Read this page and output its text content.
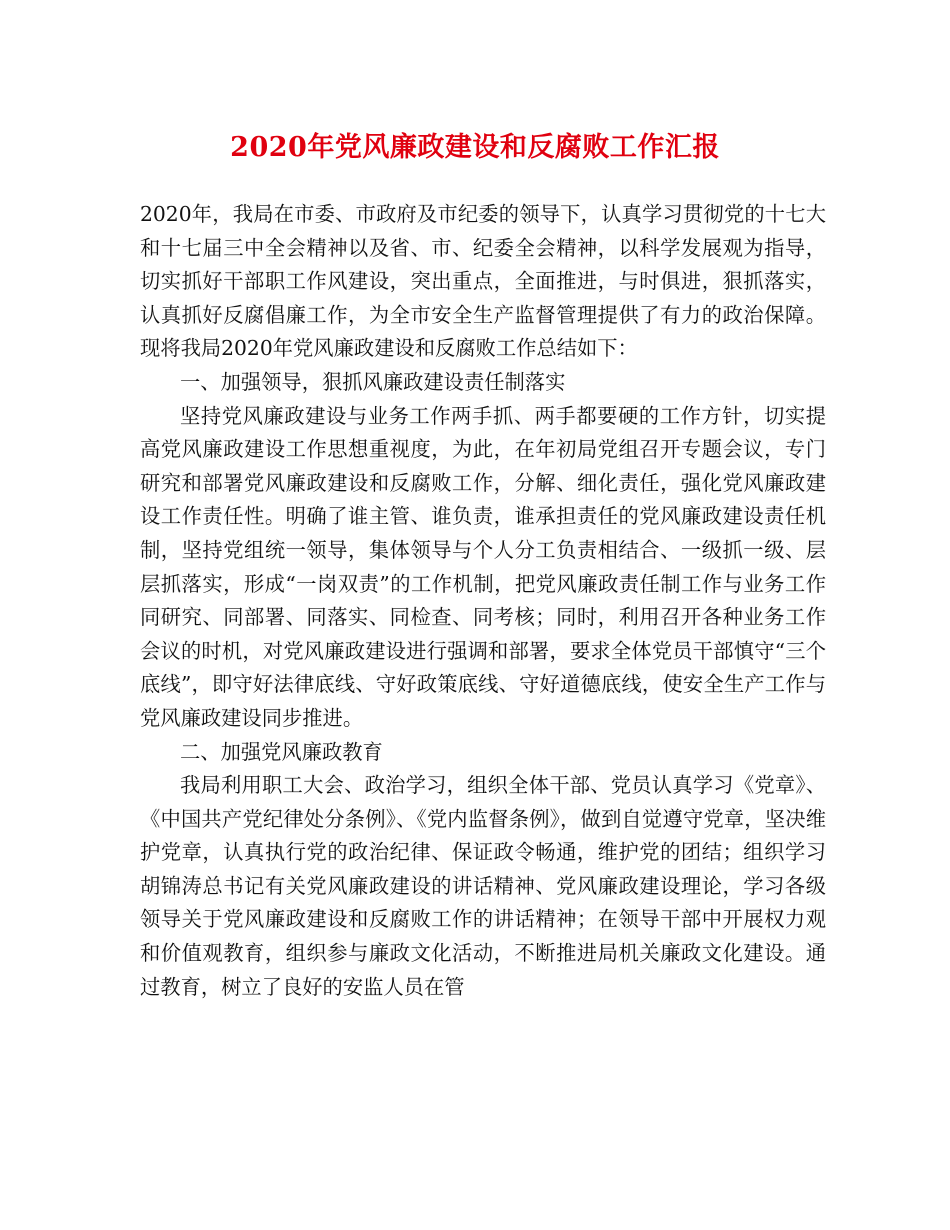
2020年党风廉政建设和反腐败工作汇报

2020年，我局在市委、市政府及市纪委的领导下，认真学习贯彻党的十七大和十七届三中全会精神以及省、市、纪委全会精神，以科学发展观为指导，切实抓好干部职工作风建设，突出重点，全面推进，与时俱进，狠抓落实，认真抓好反腐倡廉工作，为全市安全生产监督管理提供了有力的政治保障。现将我局2020年党风廉政建设和反腐败工作总结如下：

一、加强领导，狠抓风廉政建设责任制落实

坚持党风廉政建设与业务工作两手抓、两手都要硬的工作方针，切实提高党风廉政建设工作思想重视度，为此，在年初局党组召开专题会议，专门研究和部署党风廉政建设和反腐败工作，分解、细化责任，强化党风廉政建设工作责任性。明确了谁主管、谁负责，谁承担责任的党风廉政建设责任机制，坚持党组统一领导，集体领导与个人分工负责相结合、一级抓一级、层层抓落实，形成“一岗双责”的工作机制，把党风廉政责任制工作与业务工作同研究、同部署、同落实、同检查、同考核；同时，利用召开各种业务工作会议的时机，对党风廉政建设进行强调和部署，要求全体党员干部慎守“三个底线”，即守好法律底线、守好政策底线、守好道德底线，使安全生产工作与党风廉政建设同步推进。

二、加强党风廉政教育

我局利用职工大会、政治学习，组织全体干部、党员认真学习《党章》、《中国共产党纪律处分条例》、《党内监督条例》，做到自觉遵守党章，坚决维护党章，认真执行党的政治纪律、保证政令畅通，维护党的团结；组织学习胡锦涛总书记有关党风廉政建设的讲话精神、党风廉政建设理论，学习各级领导关于党风廉政建设和反腐败工作的讲话精神；在领导干部中开展权力观和价值观教育，组织参与廉政文化活动，不断推进局机关廉政文化建设。通过教育，树立了良好的安监人员在管
